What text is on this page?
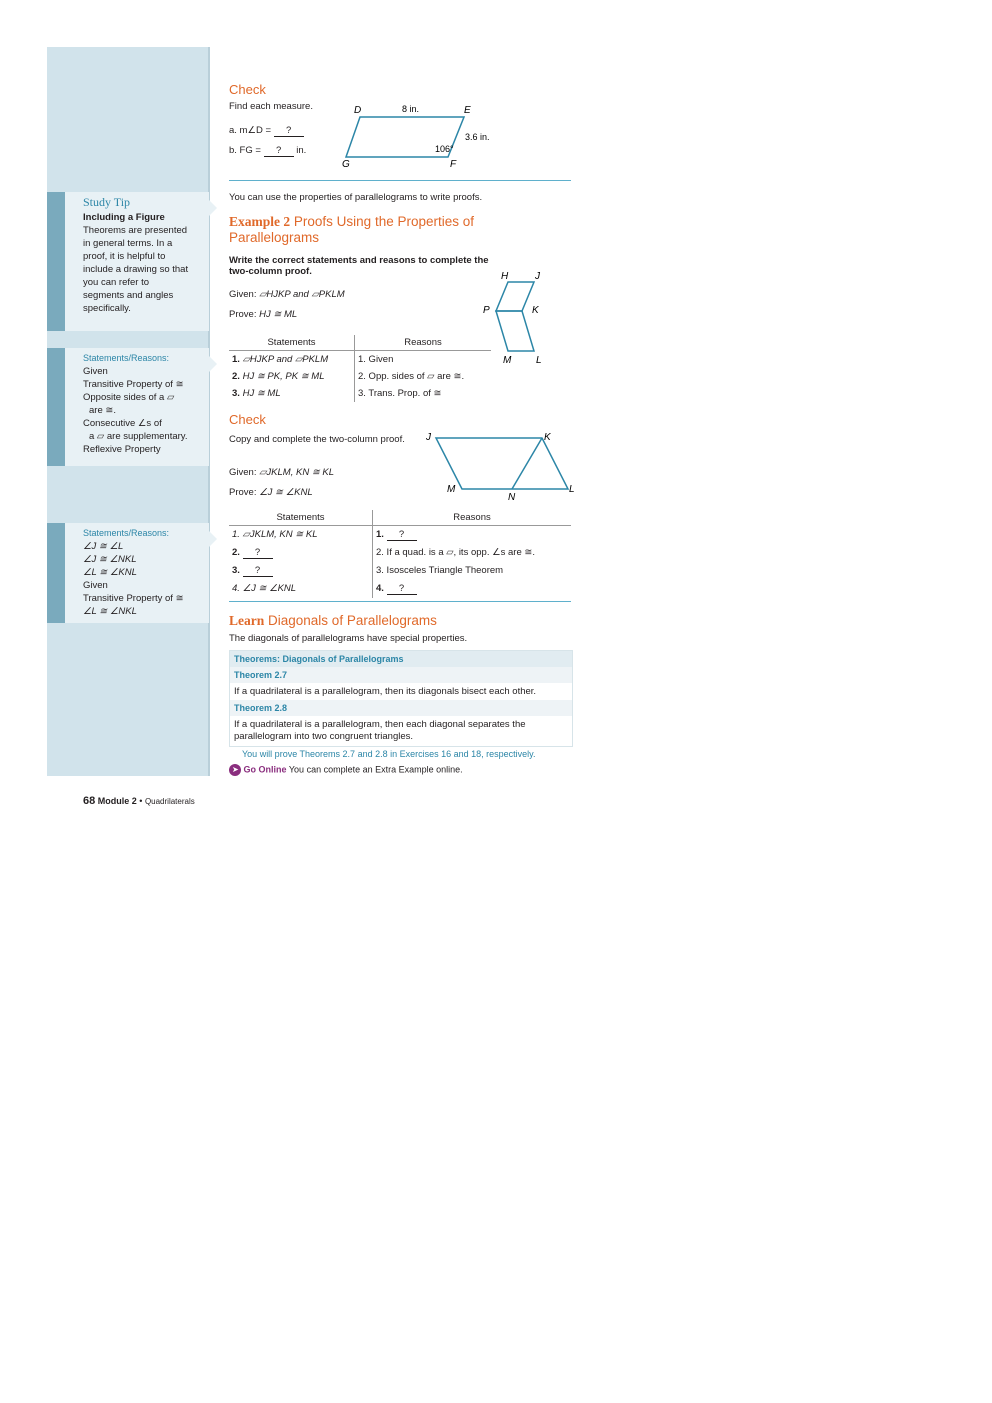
Study Tip
Including a Figure
Theorems are presented in general terms. In a proof, it is helpful to include a drawing so that you can refer to segments and angles specifically.
Statements/Reasons:
Given
Transitive Property of ≅
Opposite sides of a ▱
are ≅.
Consecutive ∠s of
a ▱ are supplementary.
Reflexive Property
Statements/Reasons:
∠J ≅ ∠L
∠J ≅ ∠NKL
∠L ≅ ∠KNL
Given
Transitive Property of ≅
∠L ≅ ∠NKL
Check
Find each measure.
a. m∠D = ?
b. FG = ? in.
D	E
F
G
8 in.
3.6 in.
106°
You can use the properties of parallelograms to write proofs.
Example 2 Proofs Using the Properties of Parallelograms
Write the correct statements and reasons to complete the two-column proof.
Given: ▱HJKP and ▱PKLM
Prove: HJ ≅ ML
H	J
P	K
M L
Statements	Reasons
1. ▱HJKP and ▱PKLM	1. Given
2. HJ ≅ PK, PK ≅ ML	2. Opp. sides of ▱ are ≅.
3. HJ ≅ ML	3. Trans. Prop. of ≅
Check
Copy and complete the two-column proof.
Given: ▱JKLM, KN ≅ KL
Prove: ∠J ≅ ∠KNL
J	K
M
N
L
Statements	Reasons
1. ▱JKLM, KN ≅ KL	1. ?
2. ?	2. If a quad. is a ▱, its opp. ∠s are ≅.
3. ?	3. Isosceles Triangle Theorem
4. ∠J ≅ ∠KNL	4. ?
Learn Diagonals of Parallelograms
The diagonals of parallelograms have special properties.
Theorems: Diagonals of Parallelograms
Theorem 2.7
If a quadrilateral is a parallelogram, then its diagonals bisect each other.
Theorem 2.8
If a quadrilateral is a parallelogram, then each diagonal separates the parallelogram into two congruent triangles.
You will prove Theorems 2.7 and 2.8 in Exercises 16 and 18, respectively.
➤ Go Online You can complete an Extra Example online.
68 Module 2 • Quadrilaterals
